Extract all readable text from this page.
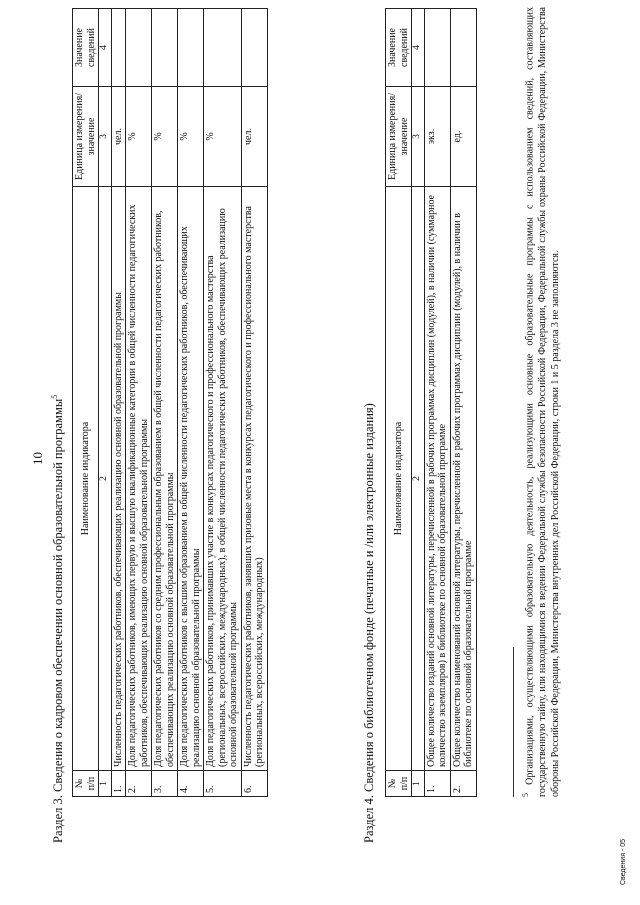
10 Раздел 3. Сведения о кадровом обеспечении основной образовательной программы$^5$
№ п/п	Наименование индикатора	Единица измерения/значение	Значение сведений
1	2	3	4
1.	Численность педагогических работников, обеспечивающих реализацию основной образовательной программы	чел.	
2.	Доля педагогических работников, имеющих первую и высшую квалификационные категории в общей численности педагогических работников, обеспечивающих реализацию основной образовательной программы	%	
3.	Доля педагогических работников со средним профессиональным образованием в общей численности педагогических работников, обеспечивающих реализацию основной образовательной программы	%	
4.	Доля педагогических работников с высшим образованием в общей численности педагогических работников, обеспечивающих реализацию основной образовательной программы	%	
5.	Доля педагогических работников, принимавших участие в конкурсах педагогического и профессионального мастерства (региональных, всероссийских, международных), в общей численности педагогических работников, обеспечивающих реализацию основной образовательной программы	%	
6.	Численность педагогических работников, занявших призовые места в конкурсах педагогического и профессионального мастерства (региональных, всероссийских, международных)	чел.	
Раздел 4. Сведения о библиотечном фонде (печатные и /или электронные издания) № п/п	Наименование индикатора	Единица измерения/значение	Значение сведений
1	2	3	4
1.	Общее количество изданий основной литературы, перечисленной в рабочих программах дисциплин (модулей), в наличии (суммарное количество экземпляров) в библиотеке по основной образовательной программе	экз.	
2.	Общее количество наименований основной литературы, перечисленной в рабочих программах дисциплин (модулей), в наличии в библиотеке по основной образовательной программе	ед.	
$^5$ Организациями, осуществляющими образовательную деятельность, реализующими основные образовательные программы с использованием сведений, составляющих государственную тайну, или находящимися в ведении Федеральной службы безопасности Российской Федерации, Федеральной службы охраны Российской Федерации, Министерства обороны Российской Федерации, Министерства внутренних дел Российской Федерации, строки 1 и 5 раздела 3 не заполняются.
Сведения - 05
